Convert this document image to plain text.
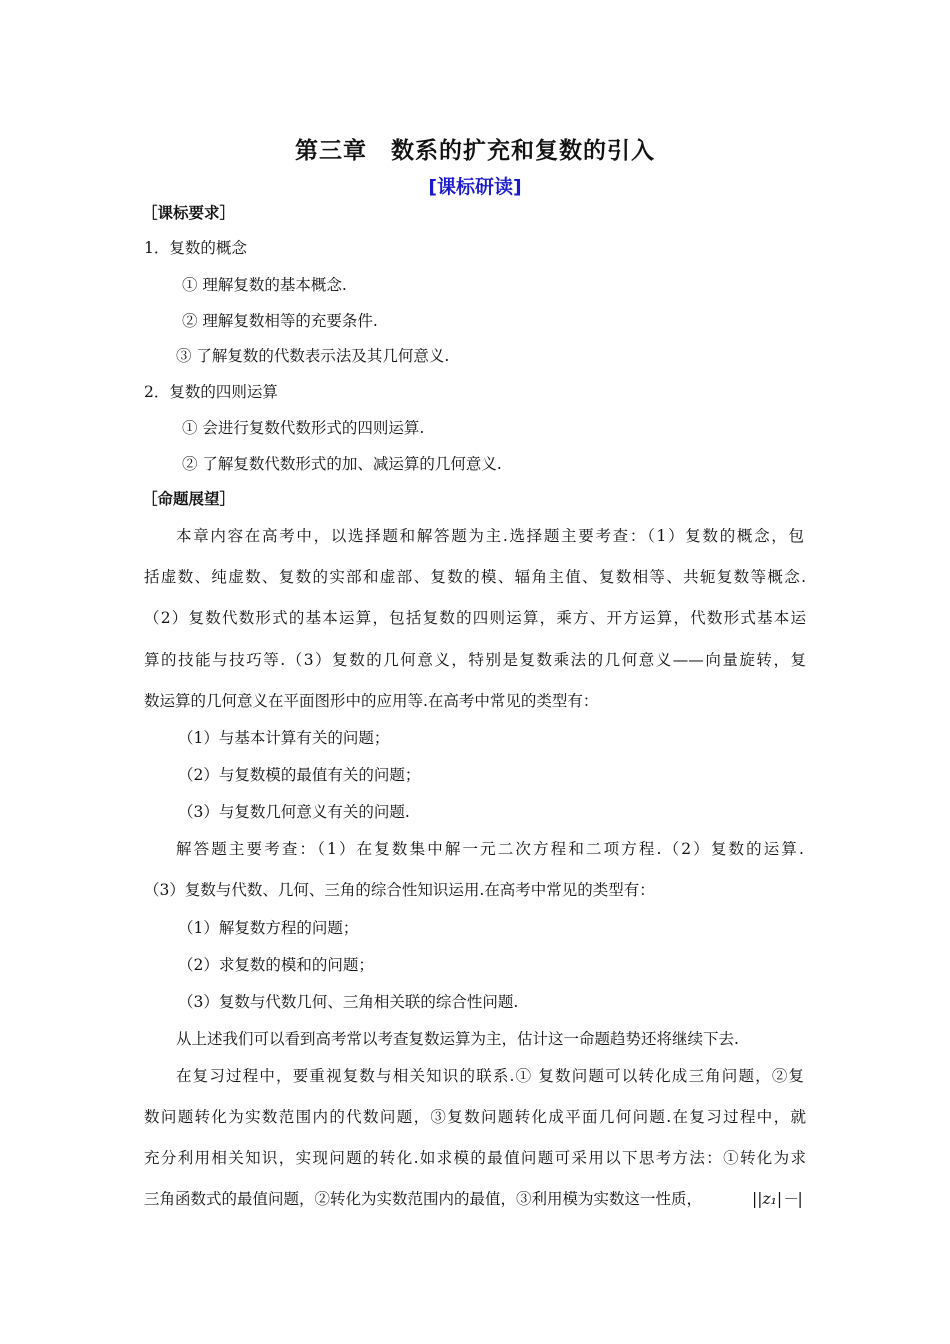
第三章　数系的扩充和复数的引入
[课标研读]
［课标要求］
1．复数的概念
① 理解复数的基本概念.
② 理解复数相等的充要条件.
③ 了解复数的代数表示法及其几何意义.
2．复数的四则运算
① 会进行复数代数形式的四则运算.
② 了解复数代数形式的加、减运算的几何意义.
［命题展望］
本章内容在高考中，以选择题和解答题为主.选择题主要考查：（1）复数的概念，包
括虚数、纯虚数、复数的实部和虚部、复数的模、辐角主值、复数相等、共轭复数等概念.
（2）复数代数形式的基本运算，包括复数的四则运算，乘方、开方运算，代数形式基本运
算的技能与技巧等.（3）复数的几何意义，特别是复数乘法的几何意义——向量旋转，复
数运算的几何意义在平面图形中的应用等.在高考中常见的类型有：
（1）与基本计算有关的问题；
（2）与复数模的最值有关的问题；
（3）与复数几何意义有关的问题.
解答题主要考查：（1）在复数集中解一元二次方程和二项方程.（2）复数的运算.
（3）复数与代数、几何、三角的综合性知识运用.在高考中常见的类型有：
（1）解复数方程的问题；
（2）求复数的模和的问题；
（3）复数与代数几何、三角相关联的综合性问题.
从上述我们可以看到高考常以考查复数运算为主，估计这一命题趋势还将继续下去.
在复习过程中，要重视复数与相关知识的联系.① 复数问题可以转化成三角问题，②复
数问题转化为实数范围内的代数问题，③复数问题转化成平面几何问题.在复习过程中，就
充分利用相关知识，实现问题的转化.如求模的最值问题可采用以下思考方法：①转化为求
三角函数式的最值问题，②转化为实数范围内的最值，③利用模为实数这一性质，	||z₁|－|
